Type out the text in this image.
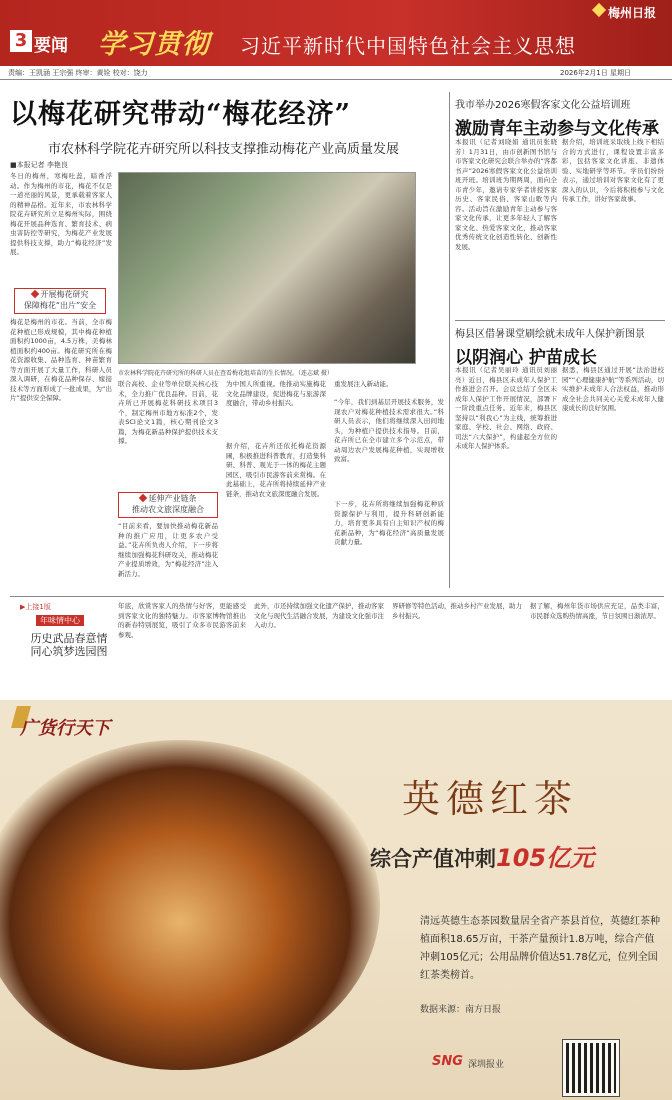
梅州日报
3 要闻 学习贯彻 习近平新时代中国特色社会主义思想
责编：王凯涵 王宗强 终审：黄铨 校对：饶力	2026年2月1日 星期日
以梅花研究带动“梅花经济”
市农林科学院花卉研究所以科技支撑推动梅花产业高质量发展
■本报记者 李艳良
市农林科学院花卉研究所的科研人员在查看梅花组培苗的生长情况。（连志斌 摄）
冬日的梅州，寒梅吐蕊，暗香浮动。作为梅州的市花，梅花不仅是一道亮丽的风景，更承载着客家人的精神品格。近年来，市农林科学院花卉研究所立足梅州实际，围绕梅花开展品种选育、繁育技术、病虫害防控等研究，为梅花产业发展提供科技支撑，助力“梅花经济”发展。
开展梅花研究
保障梅花“出片”安全
梅花是梅州的市花。当前，全市梅花种植已形成规模，其中梅花种植面积约1000亩，4.5万株，美梅林植面积约400亩。梅花研究所在梅花资源收集、品种选育、种苗繁育等方面开展了大量工作，科研人员深入调研，在梅花品种保存、嫁接技术等方面形成了一批成果，为“出片”提供安全保障。
联合高校、企业等单位联关核心技术，全力推广优良品种。目前，花卉所已开展梅花科研技术项目3个，制定梅州市地方标准2个，发表SCI论文1篇，核心期刊论文3篇，为梅花新品种保护提供技术支撑。
延伸产业链条
推动农文旅深度融合
“目前来看，要加快推动梅花新品种的推广应用，让更多农户受益。”花卉所负责人介绍，下一步将继续加强梅花科研攻关，推动梅花产业提质增效，为“梅花经济”注入新活力。
为中国人所重视。他推动实施梅花文化品牌建设，促进梅花与旅游深度融合，带动乡村振兴。
据介绍，花卉所还依托梅花资源圃，积极推进科普教育，打造集科研、科普、观光于一体的梅花主题园区，吸引市民游客前来赏梅。在此基础上，花卉所将持续延伸产业链条，推动农文旅深度融合发展。
重发展注入新动能。
“今年，我们到基层开展技术服务，发现农户对梅花种植技术需求很大。”科研人员表示，他们将继续深入田间地头，为种植户提供技术指导。目前，花卉所已在全市建立多个示范点，带动周边农户发展梅花种植，实现增收致富。
下一步，花卉所将继续加强梅花种质资源保护与利用，提升科研创新能力，培育更多具有自主知识产权的梅花新品种，为“梅花经济”高质量发展贡献力量。
我市举办2026寒假客家文化公益培训班
激励青年主动参与文化传承
本报讯（记者刘晓娟 通讯员张晓芳）1月31日，由市创新图书馆与市客家文化研究会联合举办的“客都书声”2026寒假客家文化公益培训班开班。培训班为期两周，面向全市青少年，邀请专家学者讲授客家历史、客家民俗、客家山歌等内容。活动旨在激励青年主动参与客家文化传承，让更多年轻人了解客家文化、热爱客家文化，推动客家优秀传统文化创造性转化、创新性发展。
据介绍，培训班采取线上线下相结合的方式进行，课程设置丰富多彩，包括客家文化讲座、非遗体验、实地研学等环节。学员们纷纷表示，通过培训对客家文化有了更深入的认识，今后将积极参与文化传承工作，讲好客家故事。
梅县区借暑课堂刷绘就未成年人保护新图景
以阴润心 护苗成长
本报讯（记者吴丽玲 通讯员刘丽亮）近日，梅县区未成年人保护工作推进会召开。会议总结了全区未成年人保护工作开展情况，部署下一阶段重点任务。近年来，梅县区坚持以“利我心”为主线，统筹推进家庭、学校、社会、网络、政府、司法“六大保护”，构建起全方位的未成年人保护体系。
据悉，梅县区通过开展“法治进校园”“心理健康护航”等系列活动，切实维护未成年人合法权益，推动形成全社会共同关心关爱未成年人健康成长的良好氛围。
▶上接1版
年味情中心
历史武品春意情
同心筑梦选园图
年底，欣赏客家人的热情与好客，更能感受到客家文化的独特魅力。市客家博物馆推出的新春特别展览，吸引了众多市民游客前来参观。
此外，市还持续加强文化遗产保护，推动客家文化与现代生活融合发展，为建设文化强市注入动力。
界研修等特色活动，推动乡村产业发展，助力乡村振兴。
据了解，梅州年货市场供应充足，品类丰富，市民群众选购热情高涨，节日氛围日渐浓厚。
广货行天下
英德红茶
综合产值冲刺105亿元
清远英德生态茶园数量居全省产茶县首位，英德红茶种植面积18.65万亩，干茶产量预计1.8万吨，综合产值冲刺105亿元；公用品牌价值达51.78亿元，位列全国红茶类榜首。
数据来源：南方日报
SNG 深圳报业
